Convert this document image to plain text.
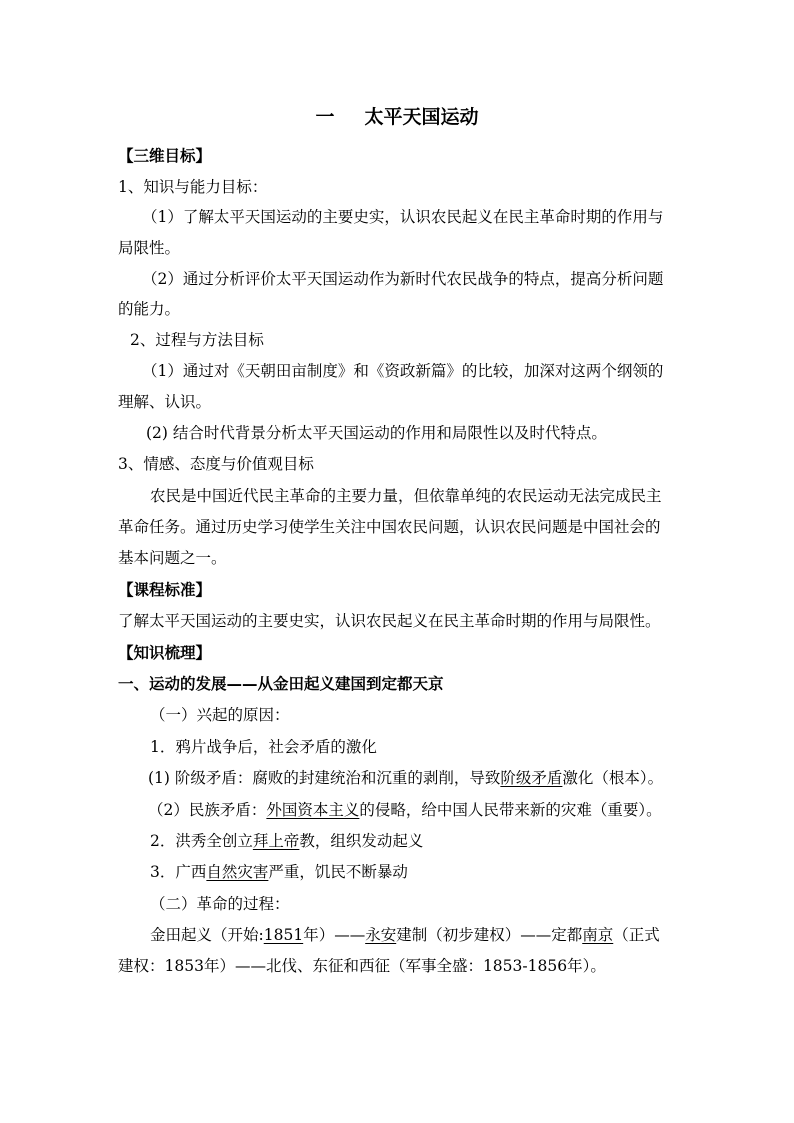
一 太平天国运动
【三维目标】
1、知识与能力目标：
（1）了解太平天国运动的主要史实，认识农民起义在民主革命时期的作用与
局限性。
（2）通过分析评价太平天国运动作为新时代农民战争的特点，提高分析问题
的能力。
2、过程与方法目标
（1）通过对《天朝田亩制度》和《资政新篇》的比较，加深对这两个纲领的
理解、认识。
(2) 结合时代背景分析太平天国运动的作用和局限性以及时代特点。
3、情感、态度与价值观目标
农民是中国近代民主革命的主要力量，但依靠单纯的农民运动无法完成民主
革命任务。通过历史学习使学生关注中国农民问题，认识农民问题是中国社会的
基本问题之一。
【课程标准】
了解太平天国运动的主要史实，认识农民起义在民主革命时期的作用与局限性。
【知识梳理】
一、运动的发展——从金田起义建国到定都天京
（一）兴起的原因：
1．鸦片战争后，社会矛盾的激化
(1) 阶级矛盾：腐败的封建统治和沉重的剥削，导致阶级矛盾激化（根本）。
（2）民族矛盾：外国资本主义的侵略，给中国人民带来新的灾难（重要）。
2．洪秀全创立拜上帝教，组织发动起义
3．广西自然灾害严重，饥民不断暴动
（二）革命的过程：
金田起义（开始:1851年）——永安建制（初步建权）——定都南京（正式
建权：1853年）——北伐、东征和西征（军事全盛：1853-1856年）。
